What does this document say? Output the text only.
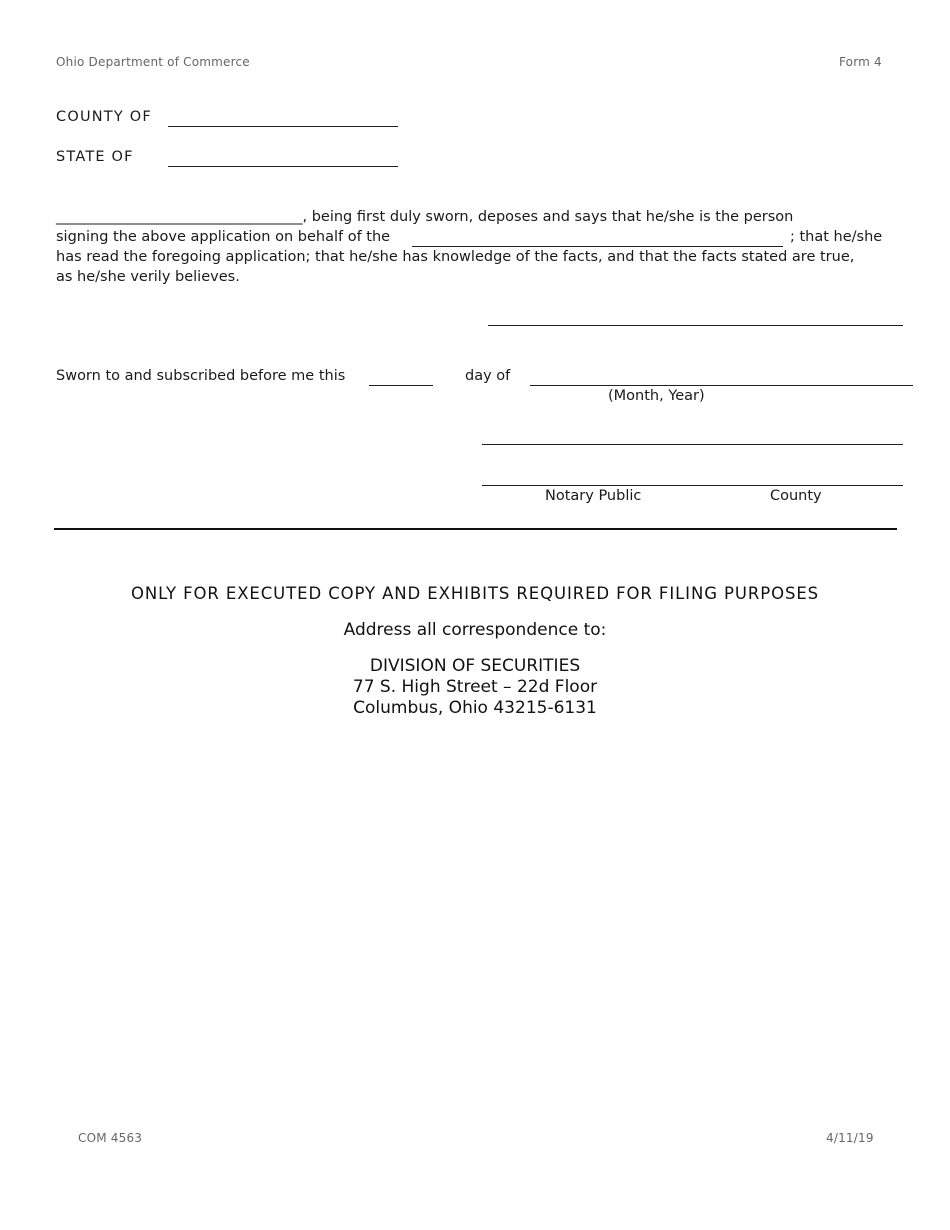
Ohio Department of Commerce	Form 4
COUNTY OF
STATE OF
__________________________________, being first duly sworn, deposes and says that he/she is the person
signing the above application on behalf of the	; that he/she
has read the foregoing application; that he/she has knowledge of the facts, and that the facts stated are true,
as he/she verily believes.
Sworn to and subscribed before me this	day of
(Month, Year)
Notary Public	County
ONLY FOR EXECUTED COPY AND EXHIBITS REQUIRED FOR FILING PURPOSES
Address all correspondence to:
DIVISION OF SECURITIES
77 S. High Street – 22d Floor
Columbus, Ohio 43215-6131
COM 4563	4/11/19
